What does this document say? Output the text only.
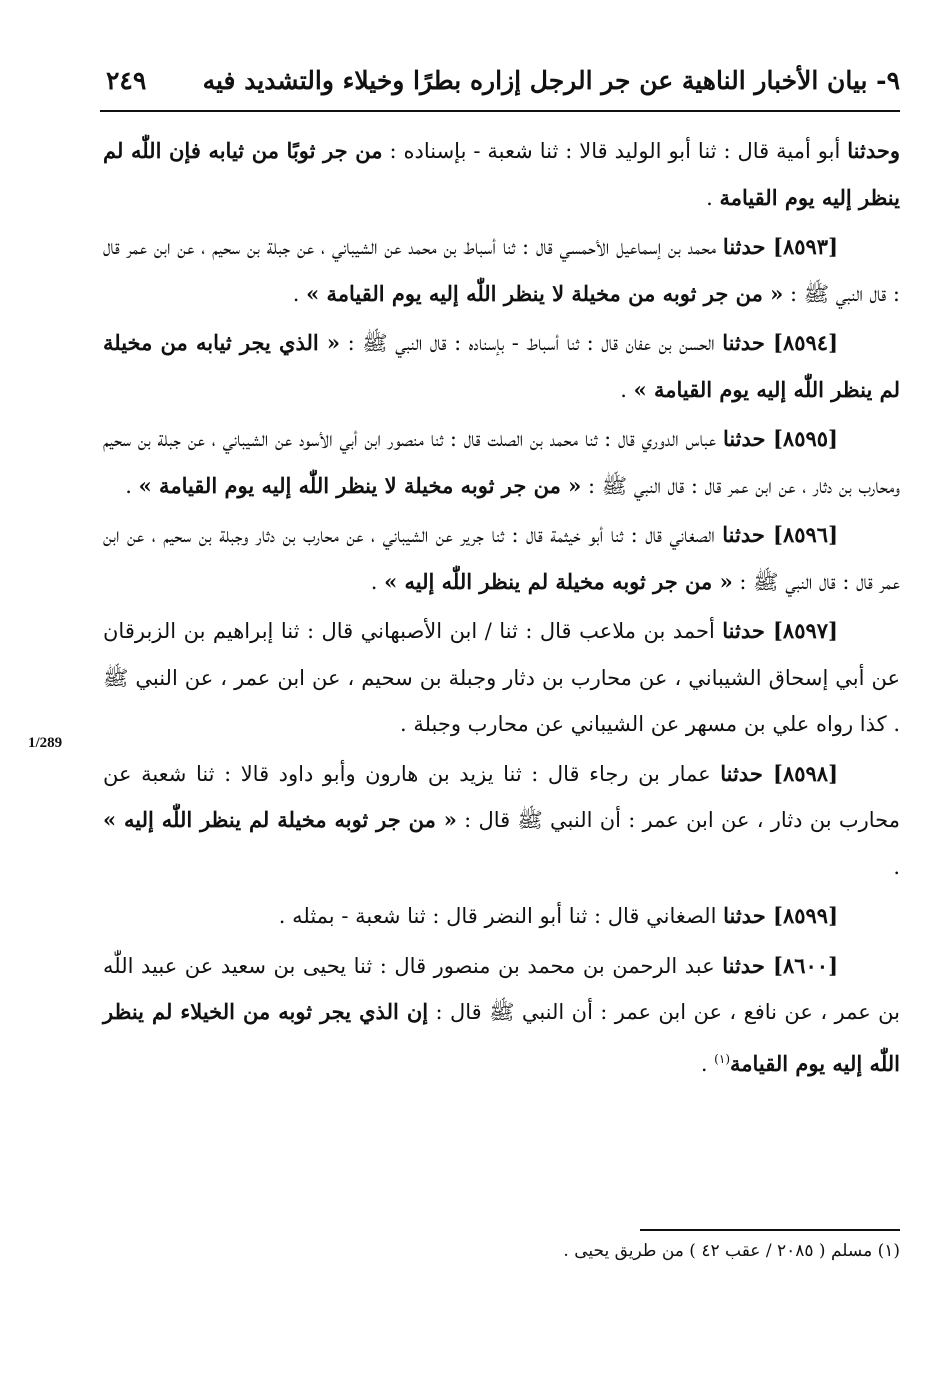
٩- بيان الأخبار الناهية عن جر الرجل إزاره بطرًا وخيلاء والتشديد فيه
٢٤٩

وحدثنا أبو أمية قال : ثنا أبو الوليد قالا : ثنا شعبة - بإسناده : من جر ثوبًا من ثيابه فإن اللّٰه لم ينظر إليه يوم القيامة .

[٨٥٩٣] حدثنا محمد بن إسماعيل الأحمسي قال : ثنا أسباط بن محمد عن الشيباني ، عن جبلة بن سحيم ، عن ابن عمر قال : قال النبي ﷺ : « من جر ثوبه من مخيلة لا ينظر اللّٰه إليه يوم القيامة » .

[٨٥٩٤] حدثنا الحسن بن عفان قال : ثنا أسباط - بإسناده : قال النبي ﷺ : « الذي يجر ثيابه من مخيلة لم ينظر اللّٰه إليه يوم القيامة » .

[٨٥٩٥] حدثنا عباس الدوري قال : ثنا محمد بن الصلت قال : ثنا منصور ابن أبي الأسود عن الشيباني ، عن جبلة بن سحيم ومحارب بن دثار ، عن ابن عمر قال : قال النبي ﷺ : « من جر ثوبه مخيلة لا ينظر اللّٰه إليه يوم القيامة » .

[٨٥٩٦] حدثنا الصغاني قال : ثنا أبو خيثمة قال : ثنا جرير عن الشيباني ، عن محارب بن دثار وجبلة بن سحيم ، عن ابن عمر قال : قال النبي ﷺ : « من جر ثوبه مخيلة لم ينظر اللّٰه إليه » .

[٨٥٩٧] حدثنا أحمد بن ملاعب قال : ثنا / ابن الأصبهاني قال : ثنا إبراهيم بن الزبرقان عن أبي إسحاق الشيباني ، عن محارب بن دثار وجبلة بن سحيم ، عن ابن عمر ، عن النبي ﷺ . كذا رواه علي بن مسهر عن الشيباني عن محارب وجبلة .

[٨٥٩٨] حدثنا عمار بن رجاء قال : ثنا يزيد بن هارون وأبو داود قالا : ثنا شعبة عن محارب بن دثار ، عن ابن عمر : أن النبي ﷺ قال : « من جر ثوبه مخيلة لم ينظر اللّٰه إليه » .

[٨٥٩٩] حدثنا الصغاني قال : ثنا أبو النضر قال : ثنا شعبة - بمثله .

[٨٦٠٠] حدثنا عبد الرحمن بن محمد بن منصور قال : ثنا يحيى بن سعيد عن عبيد اللّٰه بن عمر ، عن نافع ، عن ابن عمر : أن النبي ﷺ قال : إن الذي يجر ثوبه من الخيلاء لم ينظر اللّٰه إليه يوم القيامة$^{(١)}$ .

1/289
(١) مسلم ( ٢٠٨٥ / عقب ٤٢ ) من طريق يحيى .
